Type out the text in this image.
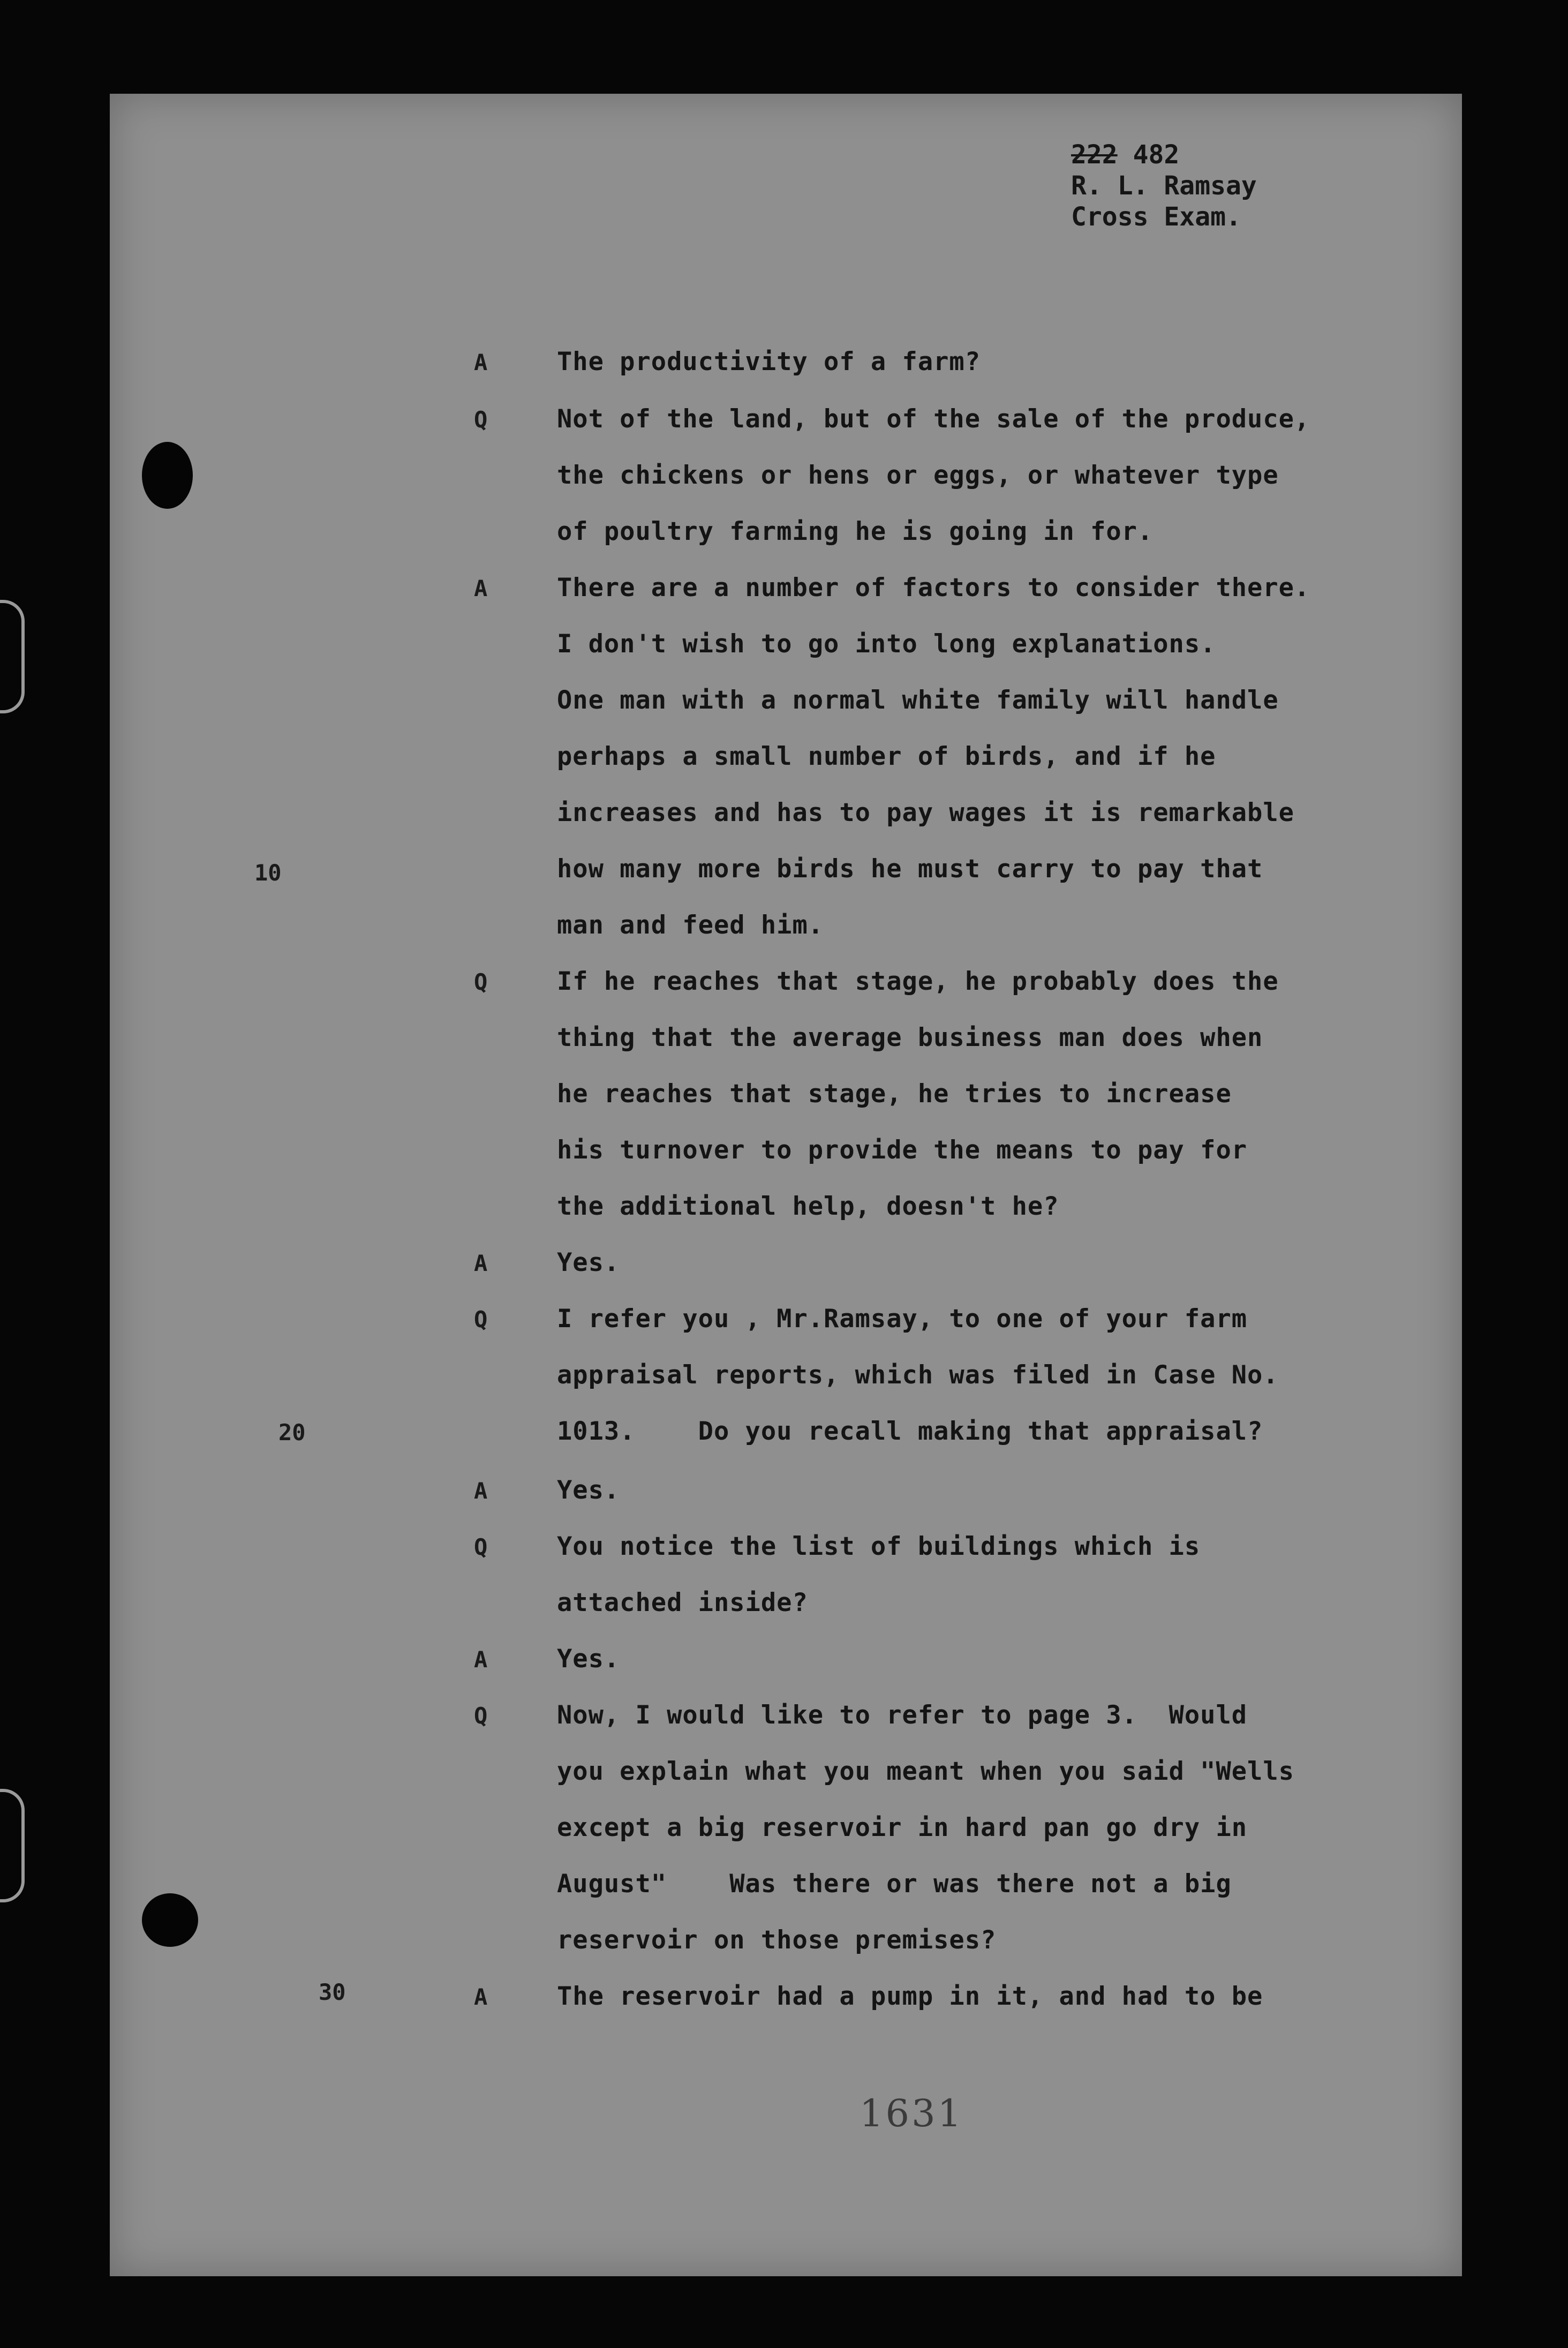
222 482
R. L. Ramsay
Cross Exam.
10
20
30
A	The productivity of a farm?
Q	Not of the land, but of the sale of the produce,
the chickens or hens or eggs, or whatever type
of poultry farming he is going in for.
A	There are a number of factors to consider there.
I don't wish to go into long explanations.
One man with a normal white family will handle
perhaps a small number of birds, and if he
increases and has to pay wages it is remarkable
how many more birds he must carry to pay that
man and feed him.
Q	If he reaches that stage, he probably does the
thing that the average business man does when
he reaches that stage, he tries to increase
his turnover to provide the means to pay for
the additional help, doesn't he?
A	Yes.
Q	I refer you , Mr.Ramsay, to one of your farm
appraisal reports, which was filed in Case No.
1013.    Do you recall making that appraisal?
A	Yes.
Q	You notice the list of buildings which is
attached inside?
A	Yes.
Q	Now, I would like to refer to page 3.  Would
you explain what you meant when you said "Wells
except a big reservoir in hard pan go dry in
August"    Was there or was there not a big
reservoir on those premises?
A	The reservoir had a pump in it, and had to be
1631
